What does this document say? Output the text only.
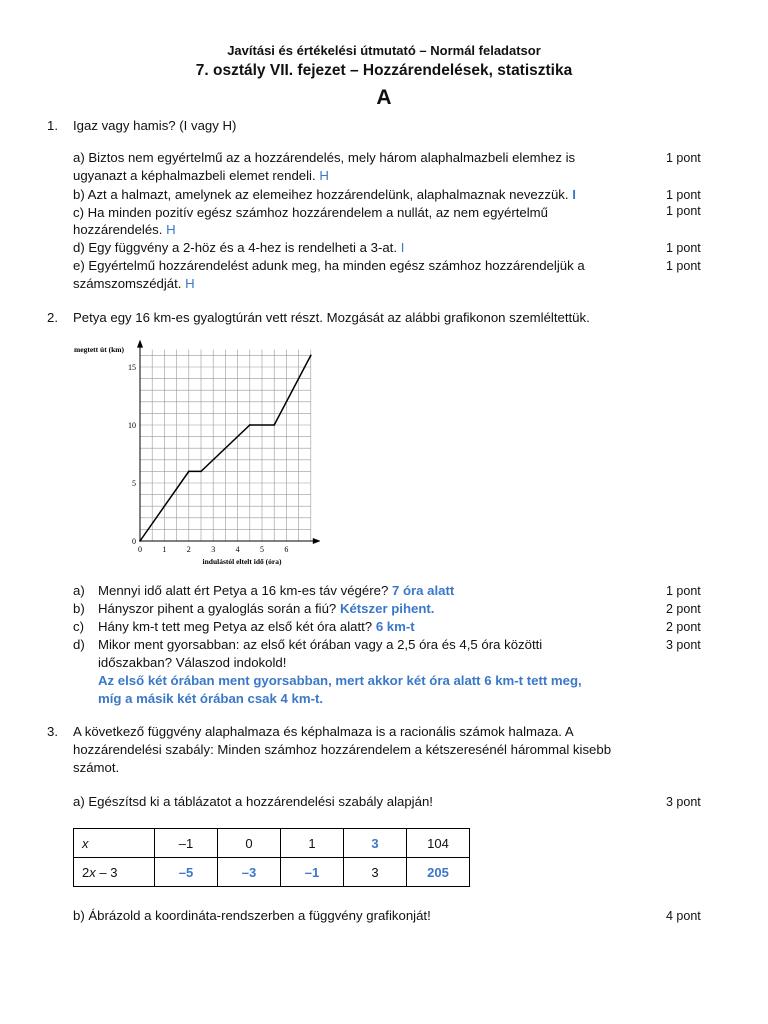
Javítási és értékelési útmutató – Normál feladatsor
7. osztály VII. fejezet – Hozzárendelések, statisztika
A
1. Igaz vagy hamis? (I vagy H)
a) Biztos nem egyértelmű az a hozzárendelés, mely három alaphalmazbeli elemhez is
ugyanazt a képhalmazbeli elemet rendeli. H
1 pont
b) Azt a halmazt, amelynek az elemeihez hozzárendelünk, alaphalmaznak nevezzük. I	1 pont
c) Ha minden pozitív egész számhoz hozzárendelem a nullát, az nem egyértelmű
hozzárendelés. H
1 pont
d) Egy függvény a 2-höz és a 4-hez is rendelheti a 3-at. I	1 pont
e) Egyértelmű hozzárendelést adunk meg, ha minden egész számhoz hozzárendeljük a
számszomszédját. H
1 pont
2. Petya egy 16 km-es gyalogtúrán vett részt. Mozgását az alábbi grafikonon szemléltettük.
0	1	2	3	4	5	6
0
5
10
15
megtett út (km)
indulástól eltelt idő (óra)
a) Mennyi idő alatt ért Petya a 16 km-es táv végére? 7 óra alatt	1 pont
b) Hányszor pihent a gyaloglás során a fiú? Kétszer pihent.	2 pont
c) Hány km-t tett meg Petya az első két óra alatt? 6 km-t	2 pont
d) Mikor ment gyorsabban: az első két órában vagy a 2,5 óra és 4,5 óra közötti
időszakban? Válaszod indokold!
Az első két órában ment gyorsabban, mert akkor két óra alatt 6 km-t tett meg,
míg a másik két órában csak 4 km-t.
3 pont
3. A következő függvény alaphalmaza és képhalmaza is a racionális számok halmaza. A
hozzárendelési szabály: Minden számhoz hozzárendelem a kétszeresénél hárommal kisebb
számot.
a) Egészítsd ki a táblázatot a hozzárendelési szabály alapján!	3 pont
x	–1	0	1	3	104
2x – 3	–5	–3	–1	3	205
b) Ábrázold a koordináta-rendszerben a függvény grafikonját!	4 pont
